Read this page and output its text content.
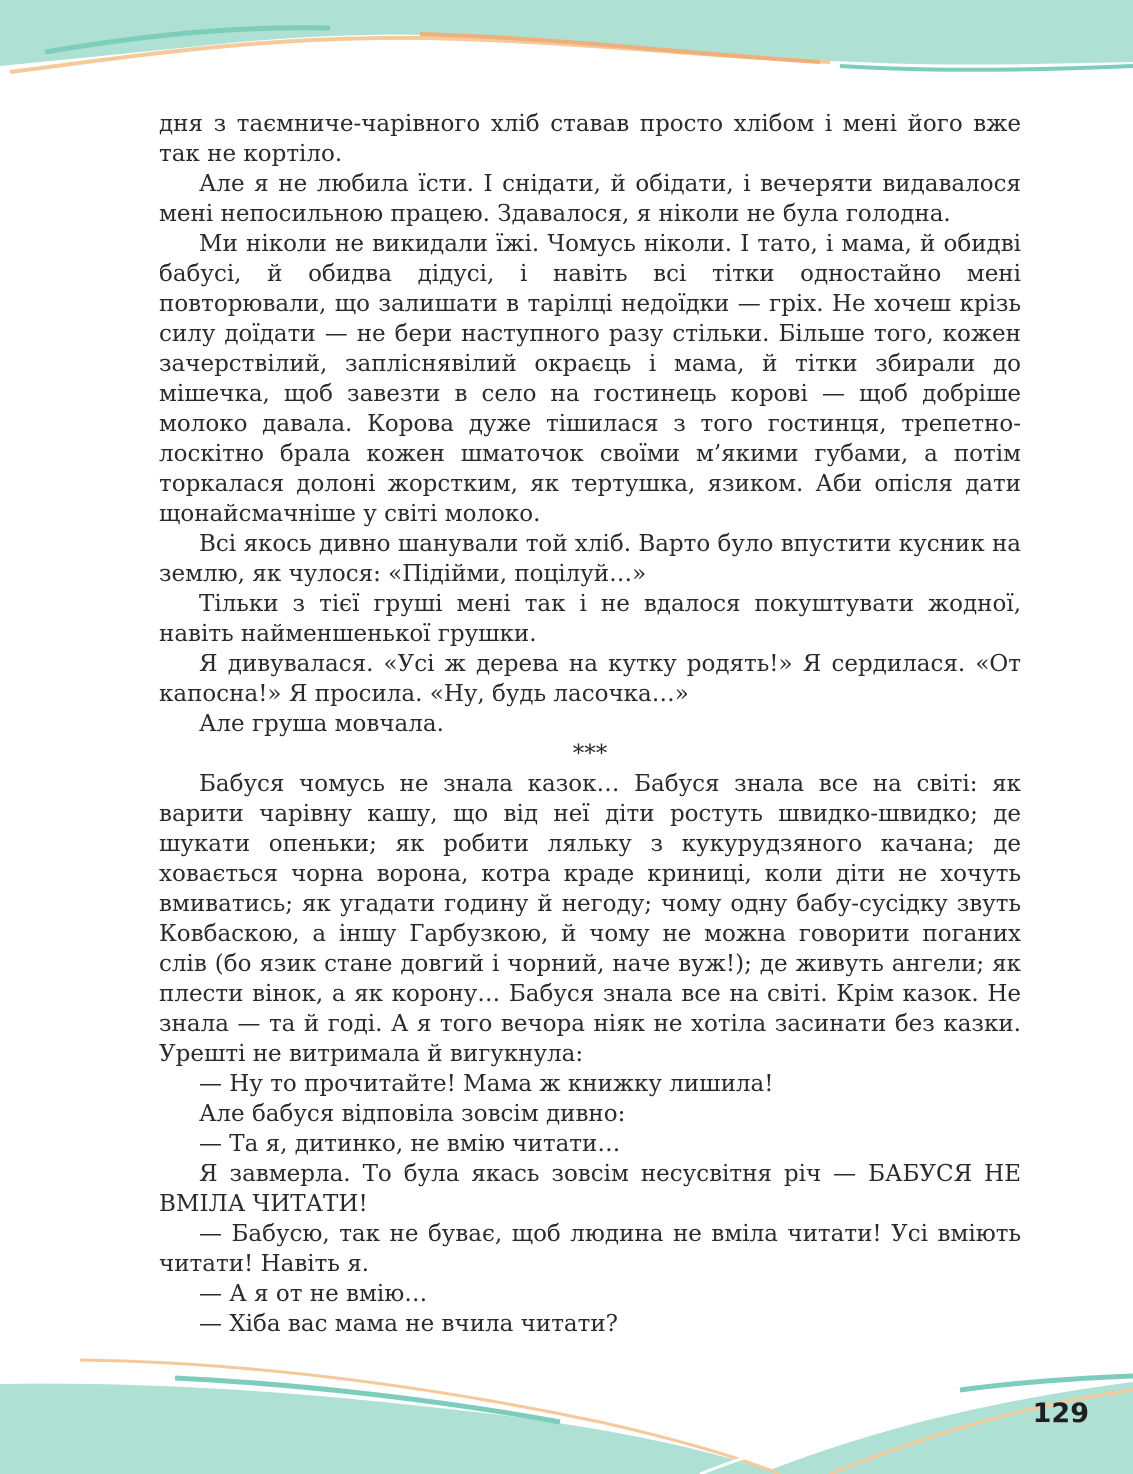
дня з таємниче-чарівного хліб ставав просто хлібом і мені його вже так не кортіло.

Але я не любила їсти. І снідати, й обідати, і вечеряти видавалося мені непосильною працею. Здавалося, я ніколи не була голодна.

Ми ніколи не викидали їжі. Чомусь ніколи. І тато, і мама, й обидві бабусі, й обидва дідусі, і навіть всі тітки одностайно мені повторювали, що залишати в тарілці недоїдки — гріх. Не хочеш крізь силу доїдати — не бери наступного разу стільки. Більше того, кожен зачерствілий, запліснявілий окраєць і мама, й тітки збирали до мішечка, щоб завезти в село на гостинець корові — щоб добріше молоко давала. Корова дуже тішилася з того гостинця, трепетно-лоскітно брала кожен шматочок своїми м’якими губами, а потім торкалася долоні жорстким, як тертушка, язиком. Аби опісля дати щонайсмачніше у світі молоко.

Всі якось дивно шанували той хліб. Варто було впустити кусник на землю, як чулося: «Підійми, поцілуй…»

Тільки з тієї груші мені так і не вдалося покуштувати жодної, навіть найменшенької грушки.

Я дивувалася. «Усі ж дерева на кутку родять!» Я сердилася. «От капосна!» Я просила. «Ну, будь ласочка…»

Але груша мовчала.

***

Бабуся чомусь не знала казок… Бабуся знала все на світі: як варити чарівну кашу, що від неї діти ростуть швидко-швидко; де шукати опеньки; як робити ляльку з кукурудзяного качана; де ховається чорна ворона, котра краде криниці, коли діти не хочуть вмиватись; як угадати годину й негоду; чому одну бабу-сусідку звуть Ковбаскою, а іншу Гарбузкою, й чому не можна говорити поганих слів (бо язик стане довгий і чорний, наче вуж!); де живуть ангели; як плести вінок, а як корону… Бабуся знала все на світі. Крім казок. Не знала — та й годі. А я того вечора ніяк не хотіла засинати без казки. Урешті не витримала й вигукнула:

— Ну то прочитайте! Мама ж книжку лишила!

Але бабуся відповіла зовсім дивно:

— Та я, дитинко, не вмію читати…

Я завмерла. То була якась зовсім несусвітня річ — БАБУСЯ НЕ ВМІЛА ЧИТАТИ!

— Бабусю, так не буває, щоб людина не вміла читати! Усі вміють читати! Навіть я.

— А я от не вмію…

— Хіба вас мама не вчила читати?

129
